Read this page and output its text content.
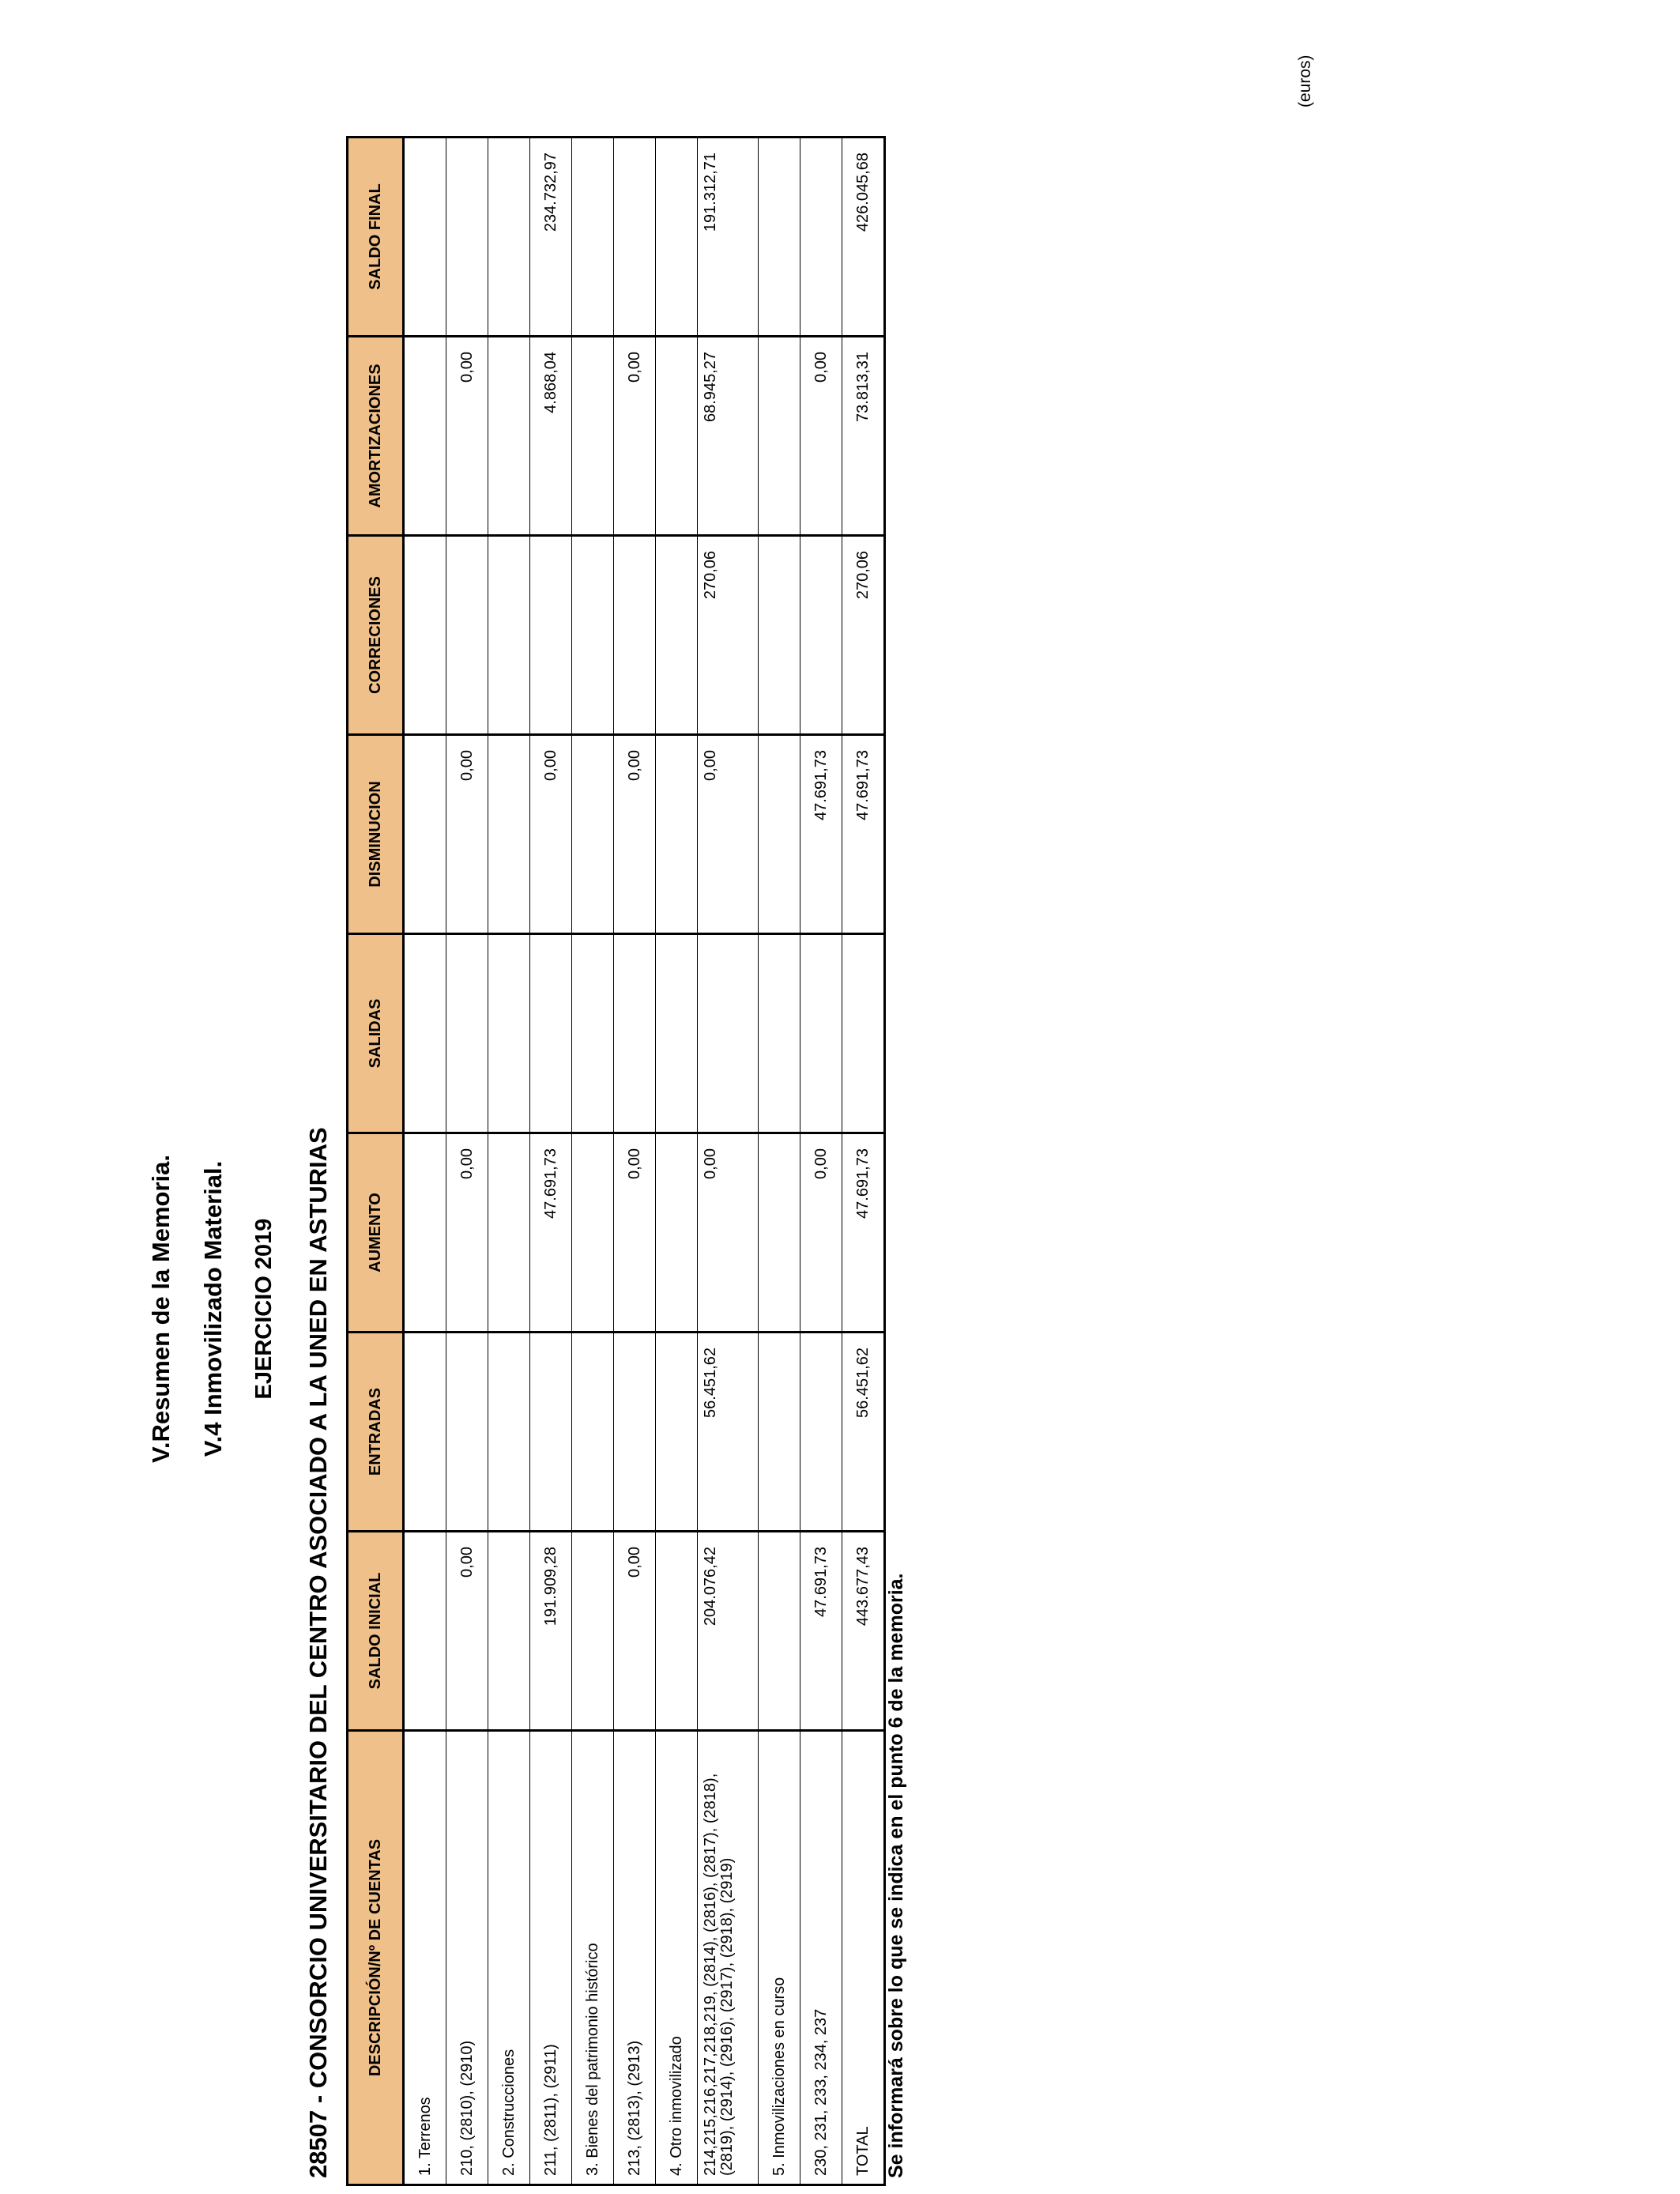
V.Resumen de la Memoria. V.4 Inmovilizado Material. EJERCICIO 2019 28507 - CONSORCIO UNIVERSITARIO DEL CENTRO ASOCIADO A LA UNED EN ASTURIAS
(euros)
DESCRIPCIÓN/Nº DE CUENTAS	SALDO INICIAL	ENTRADAS	AUMENTO	SALIDAS	DISMINUCION	CORRECIONES	AMORTIZACIONES	SALDO FINAL
1. Terrenos								
210, (2810), (2910)	0,00		0,00		0,00		0,00	
2. Construcciones								
211, (2811), (2911)	191.909,28		47.691,73		0,00		4.868,04	234.732,97
3. Bienes del patrimonio histórico								
213, (2813), (2913)	0,00		0,00		0,00		0,00	
4. Otro inmovilizado								
214,215,216,217,218,219, (2814), (2816), (2817), (2818), (2819), (2914), (2916), (2917), (2918), (2919)	204.076,42	56.451,62	0,00		0,00	270,06	68.945,27	191.312,71
5. Inmovilizaciones en curso								
230, 231, 233, 234, 237	47.691,73		0,00		47.691,73		0,00	
TOTAL	443.677,43	56.451,62	47.691,73		47.691,73	270,06	73.813,31	426.045,68
Se informará sobre lo que se indica en el punto 6 de la memoria.
